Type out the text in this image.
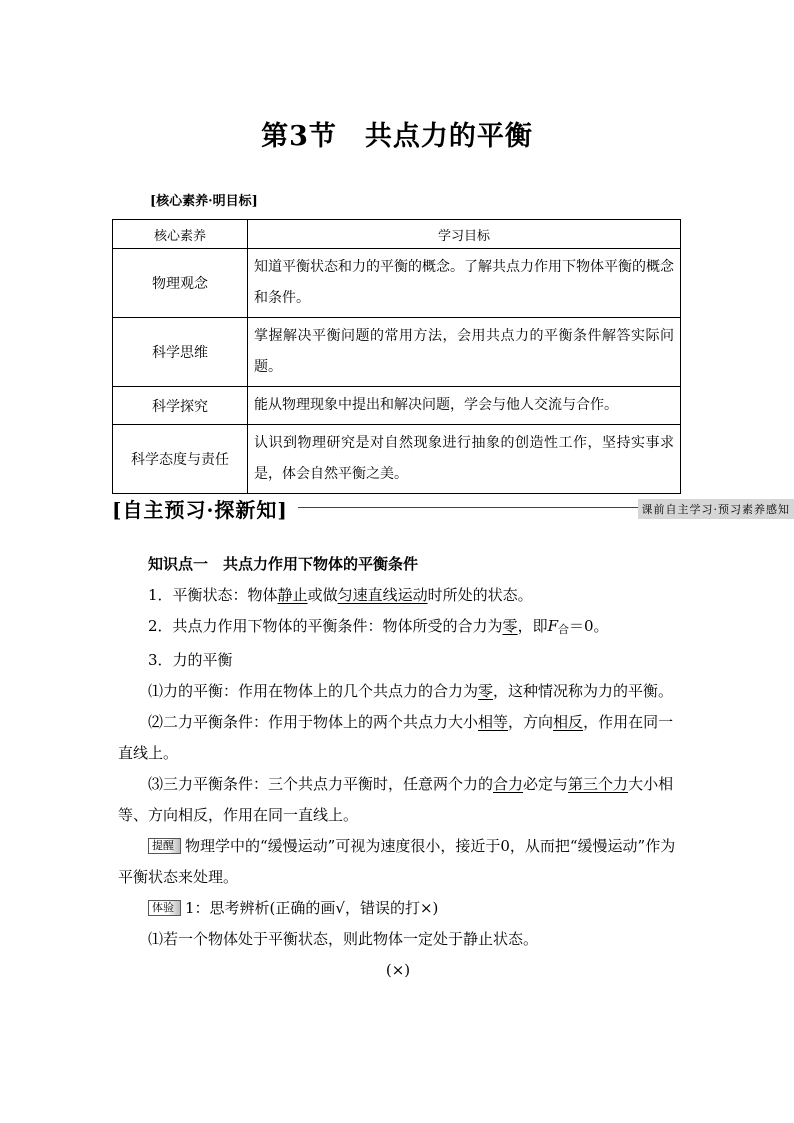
第3节 共点力的平衡
[核心素养·明目标]
核心素养	学习目标
物理观念	知道平衡状态和力的平衡的概念。了解共点力作用下物体平衡的概念和条件。
科学思维	掌握解决平衡问题的常用方法，会用共点力的平衡条件解答实际问题。
科学探究	能从物理现象中提出和解决问题，学会与他人交流与合作。
科学态度与责任	认识到物理研究是对自然现象进行抽象的创造性工作，坚持实事求是，体会自然平衡之美。
[自主预习·探新知]	课前自主学习·预习素养感知

知识点一　共点力作用下物体的平衡条件

1．平衡状态：物体静止或做匀速直线运动时所处的状态。

2．共点力作用下物体的平衡条件：物体所受的合力为零，即F合＝0。

3．力的平衡

⑴力的平衡：作用在物体上的几个共点力的合力为零，这种情况称为力的平衡。

⑵二力平衡条件：作用于物体上的两个共点力大小相等，方向相反，作用在同一直线上。

⑶三力平衡条件：三个共点力平衡时，任意两个力的合力必定与第三个力大小相等、方向相反，作用在同一直线上。

提醒 物理学中的“缓慢运动”可视为速度很小，接近于0，从而把“缓慢运动”作为平衡状态来处理。

体验 1：思考辨析(正确的画√，错误的打×)

⑴若一个物体处于平衡状态，则此物体一定处于静止状态。

(×)
